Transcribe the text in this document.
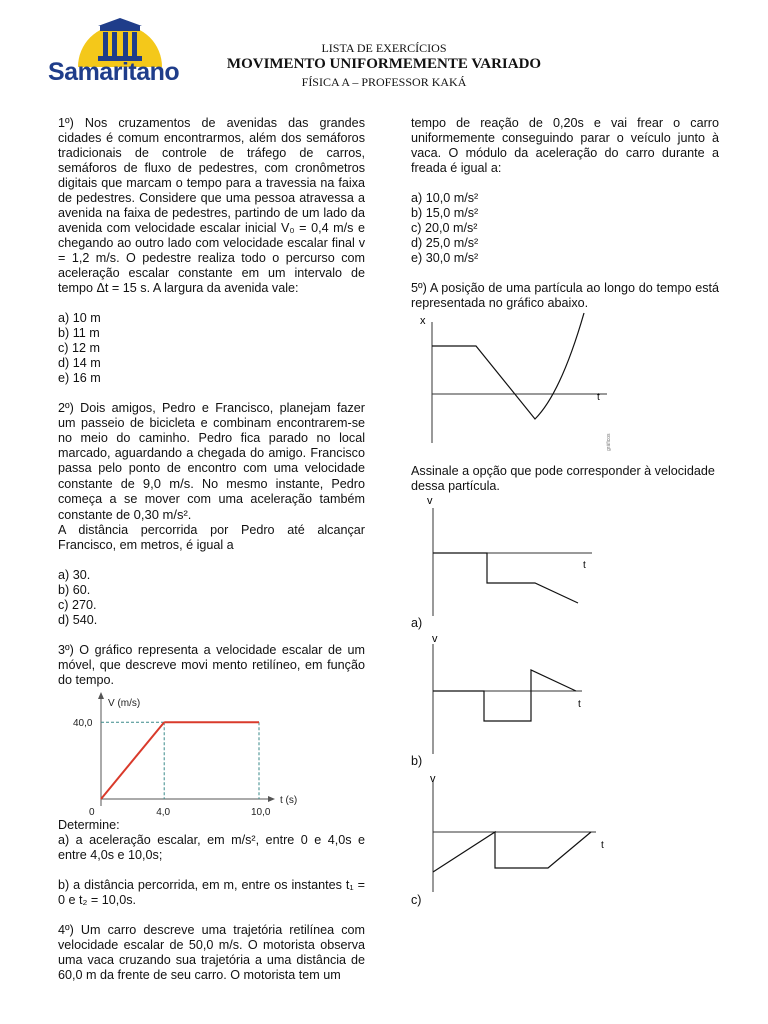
Samaritano
LISTA DE EXERCÍCIOS
MOVIMENTO UNIFORMEMENTE VARIADO
FÍSICA A – PROFESSOR KAKÁ

1º) Nos cruzamentos de avenidas das grandes cidades é comum encontrarmos, além dos semáforos tradicionais de controle de tráfego de carros, semáforos de fluxo de pedestres, com cronômetros digitais que marcam o tempo para a travessia na faixa de pedestres. Considere que uma pessoa atravessa a avenida na faixa de pedestres, partindo de um lado da avenida com velocidade escalar inicial V₀ = 0,4 m/s e chegando ao outro lado com velocidade escalar final v = 1,2 m/s. O pedestre realiza todo o percurso com aceleração escalar constante em um intervalo de tempo Δt = 15 s. A largura da avenida vale:

a) 10 m

b) 11 m

c) 12 m

d) 14 m

e) 16 m

2º) Dois amigos, Pedro e Francisco, planejam fazer um passeio de bicicleta e combinam encontrarem-se no meio do caminho. Pedro fica parado no local marcado, aguardando a chegada do amigo. Francisco passa pelo ponto de encontro com uma velocidade constante de 9,0 m/s. No mesmo instante, Pedro começa a se mover com uma aceleração também constante de 0,30 m/s².

A distância percorrida por Pedro até alcançar Francisco, em metros, é igual a

a) 30.

b) 60.

c) 270.

d) 540.

3º) O gráfico representa a velocidade escalar de um móvel, que descreve movi mento retilíneo, em função do tempo.

V (m/s)
t (s)
0	4,0	10,0
40,0

Determine:

a) a aceleração escalar, em m/s², entre 0 e 4,0s e entre 4,0s e 10,0s;

b) a distância percorrida, em m, entre os instantes t₁ = 0 e t₂ = 10,0s.

4º) Um carro descreve uma trajetória retilínea com velocidade escalar de 50,0 m/s. O motorista observa uma vaca cruzando sua trajetória a uma distância de 60,0 m da frente de seu carro. O motorista tem um

tempo de reação de 0,20s e vai frear o carro uniformemente conseguindo parar o veículo junto à vaca. O módulo da aceleração do carro durante a freada é igual a:

a) 10,0 m/s²

b) 15,0 m/s²

c) 20,0 m/s²

d) 25,0 m/s²

e) 30,0 m/s²

5º) A posição de uma partícula ao longo do tempo está representada no gráfico abaixo.

x
t
gráficos
Assinale a opção que pode corresponder à velocidade dessa partícula.
v
t
a)
v
t
b)
v
t
c)
